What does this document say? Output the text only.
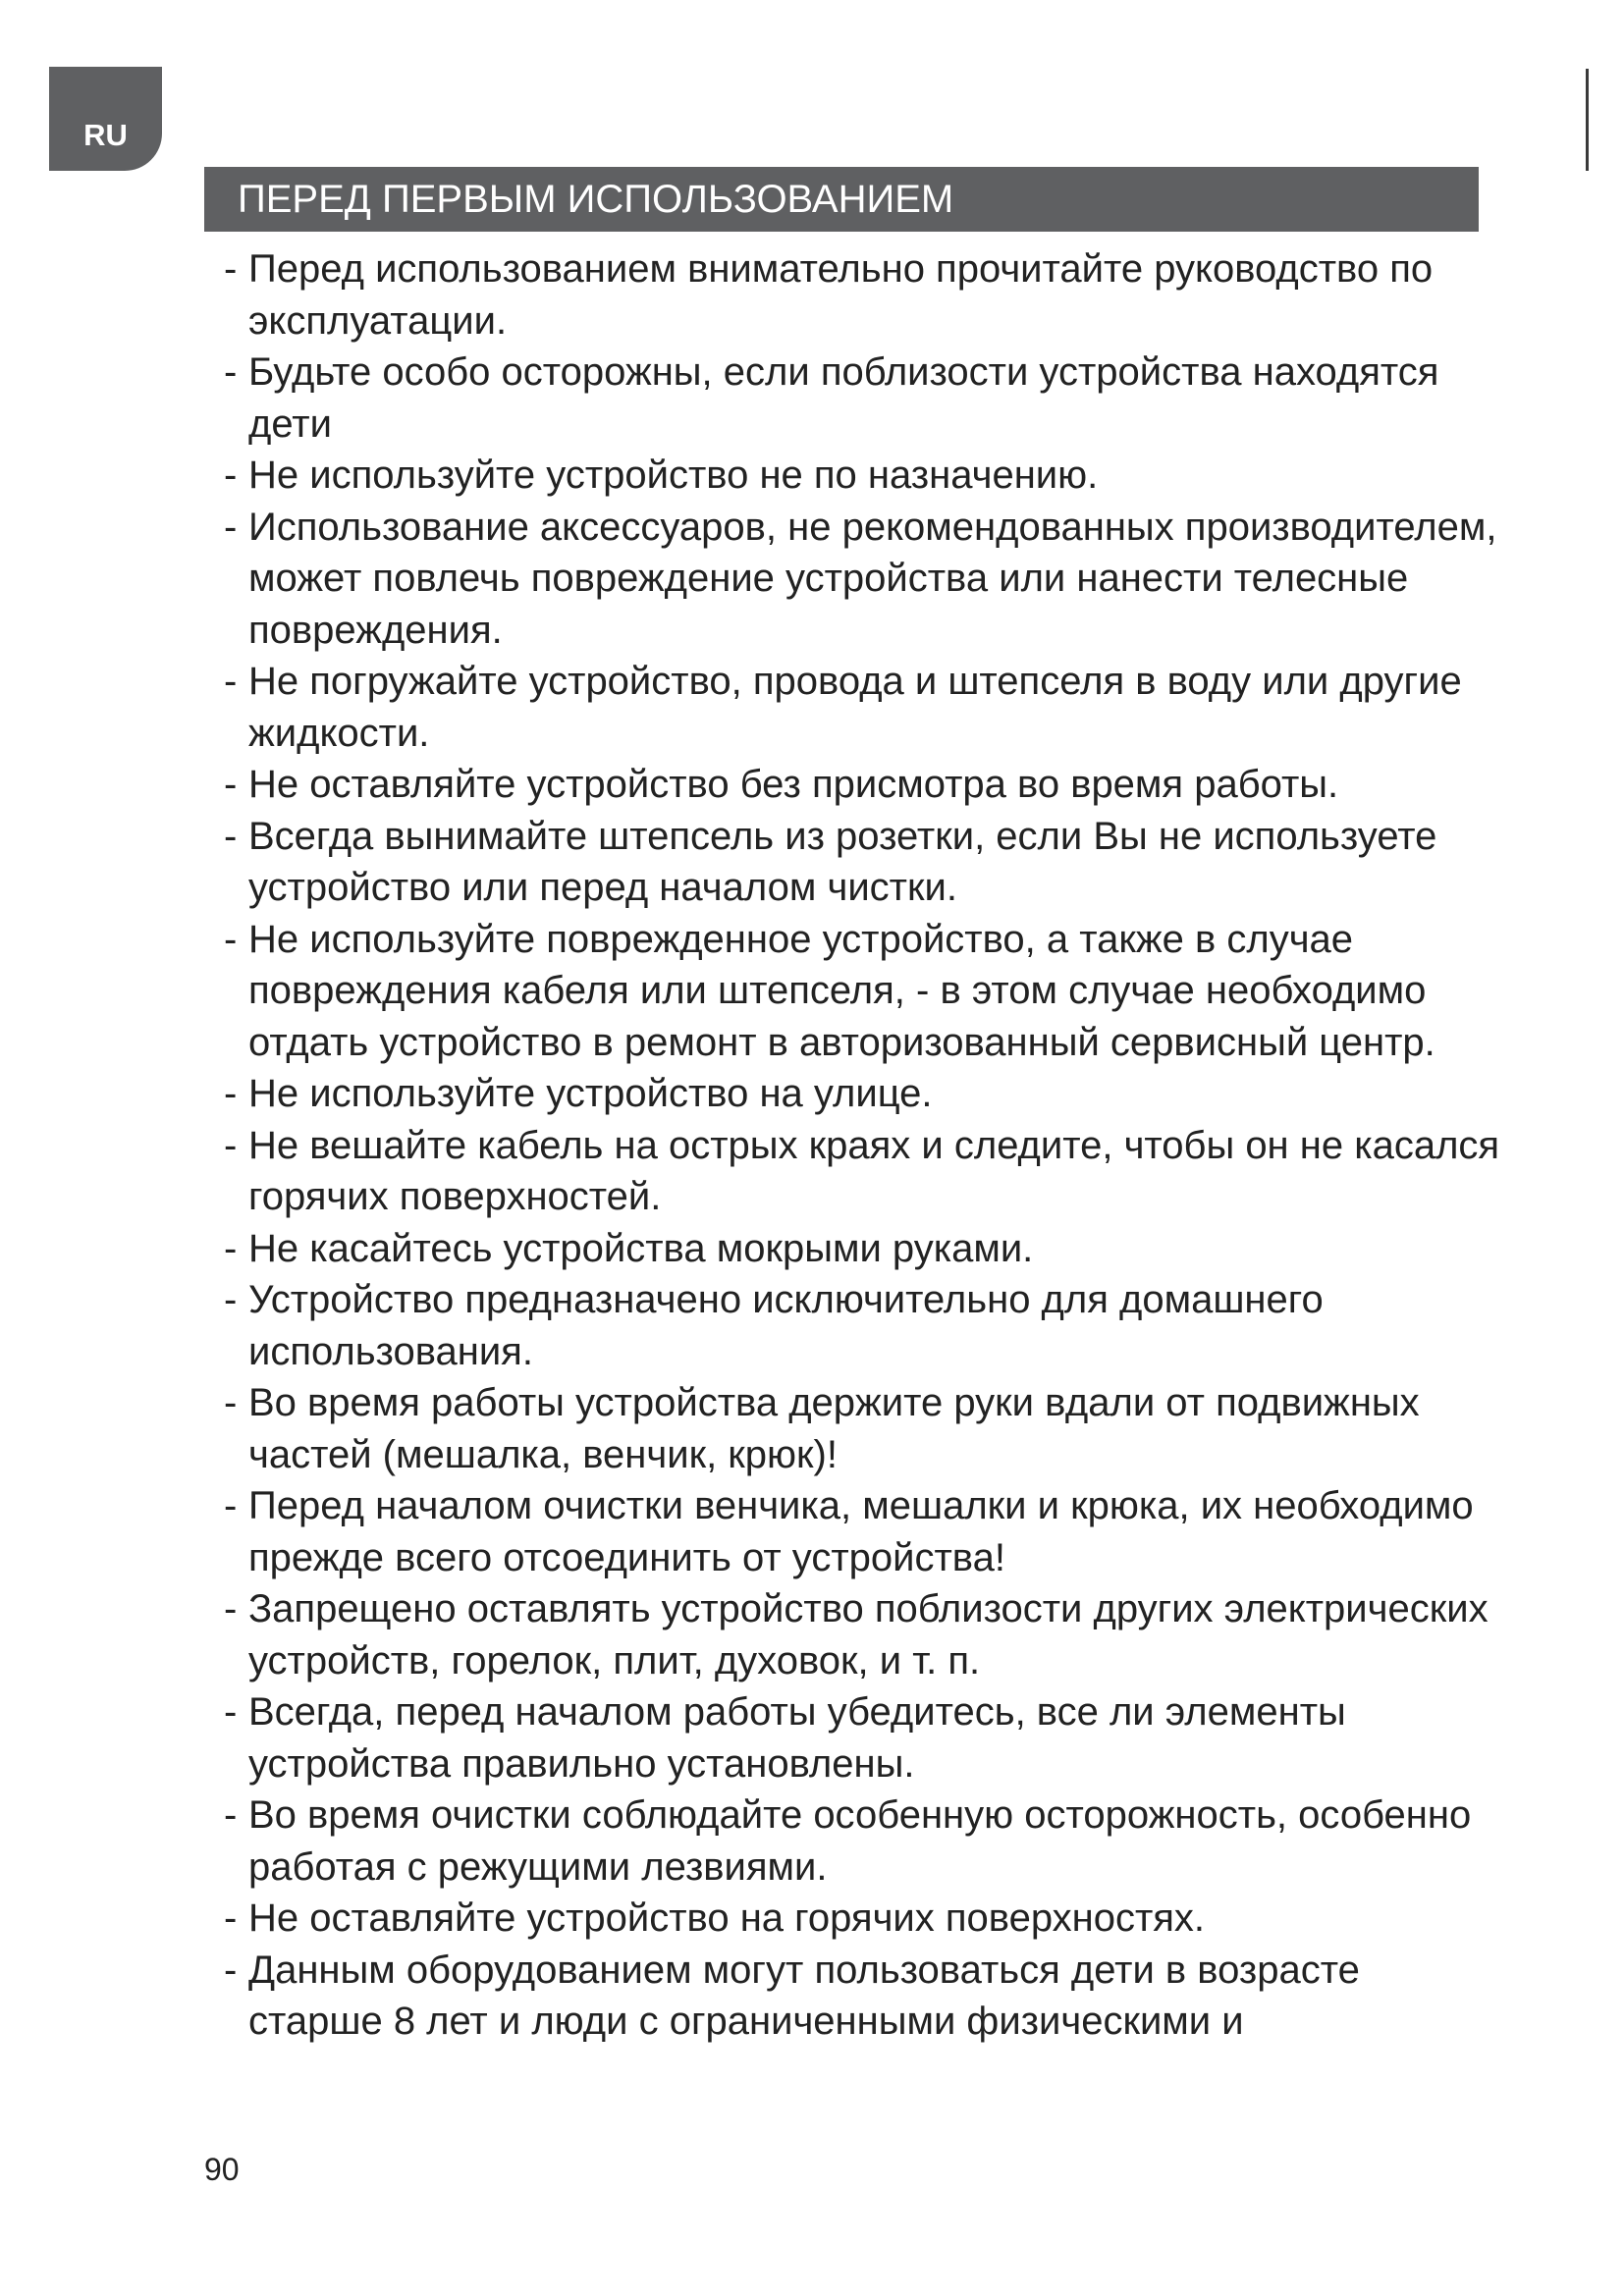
RU
ПЕРЕД ПЕРВЫМ ИСПОЛЬЗОВАНИЕМ
- Перед использованием внимательно прочитайте руководство по эксплуатации.
- Будьте особо осторожны, если поблизости устройства находятся дети
- Не используйте устройство не по назначению.
- Использование аксессуаров, не рекомендованных производителем, может повлечь повреждение устройства или нанести телесные повреждения.
- Не погружайте устройство, провода и штепселя в воду или другие жидкости.
- Не оставляйте устройство без присмотра во время работы.
- Всегда вынимайте штепсель из розетки, если Вы не используете устройство или перед началом чистки.
- Не используйте поврежденное устройство, а также в случае повреждения кабеля или штепселя, - в этом случае необходимо отдать устройство в ремонт в авторизованный сервисный центр.
- Не используйте устройство на улице.
- Не вешайте кабель на острых краях и следите, чтобы он не касался горячих поверхностей.
- Не касайтесь устройства мокрыми руками.
- Устройство предназначено исключительно для домашнего использования.
- Во время работы устройства держите руки вдали от подвижных частей (мешалка, венчик, крюк)!
- Перед началом очистки венчика, мешалки и крюка, их необходимо прежде всего отсоединить от устройства!
- Запрещено оставлять устройство поблизости других электрических устройств, горелок, плит, духовок, и т. п.
- Всегда, перед началом работы убедитесь, все ли элементы устройства правильно установлены.
- Во время очистки соблюдайте особенную осторожность, особенно работая с режущими лезвиями.
- Не оставляйте устройство на горячих поверхностях.
- Данным оборудованием могут пользоваться дети в возрасте старше 8 лет и люди с ограниченными физическими и
90
